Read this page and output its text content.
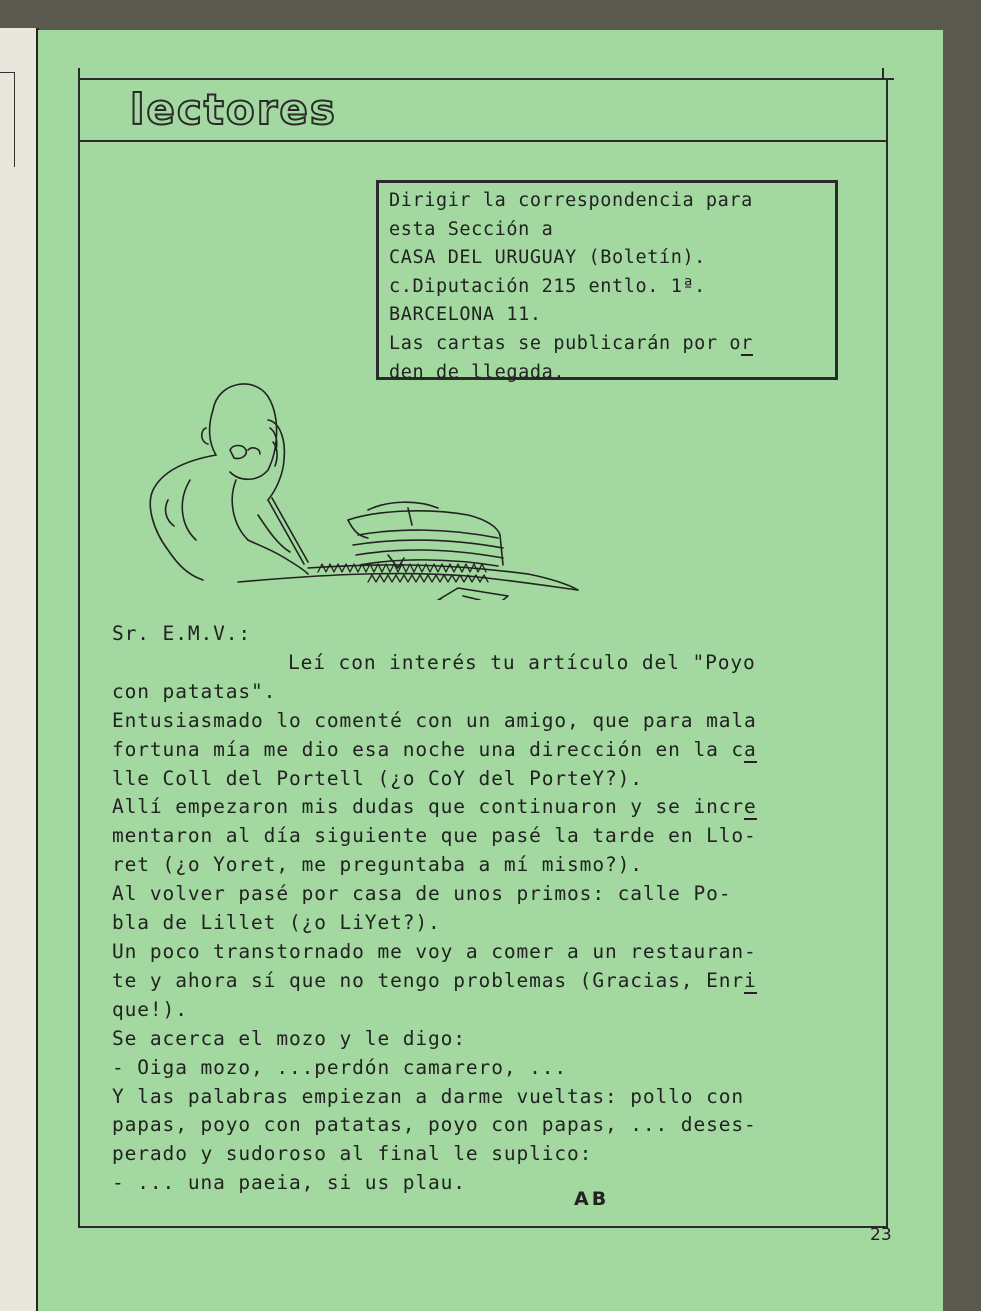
lectores
Dirigir la correspondencia para
esta Sección a
CASA DEL URUGUAY (Boletín).
c.Diputación 215 entlo. 1ª.
BARCELONA 11.
Las cartas se publicarán por or
den de llegada.
Sr. E.M.V.:
Leí con interés tu artículo del "Poyo
con patatas".
Entusiasmado lo comenté con un amigo, que para mala
fortuna mía me dio esa noche una dirección en la ca
lle Coll del Portell (¿o CoY del PorteY?).
Allí empezaron mis dudas que continuaron y se incre
mentaron al día siguiente que pasé la tarde en Llo-
ret (¿o Yoret, me preguntaba a mí mismo?).
Al volver pasé por casa de unos primos: calle Po-
bla de Lillet (¿o LiYet?).
Un poco transtornado me voy a comer a un restauran-
te y ahora sí que no tengo problemas (Gracias, Enri
que!).
Se acerca el mozo y le digo:
- Oiga mozo, ...perdón camarero, ...
Y las palabras empiezan a darme vueltas: pollo con
papas, poyo con patatas, poyo con papas, ... deses-
perado y sudoroso al final le suplico:
- ... una paeia, si us plau.
AB
23
